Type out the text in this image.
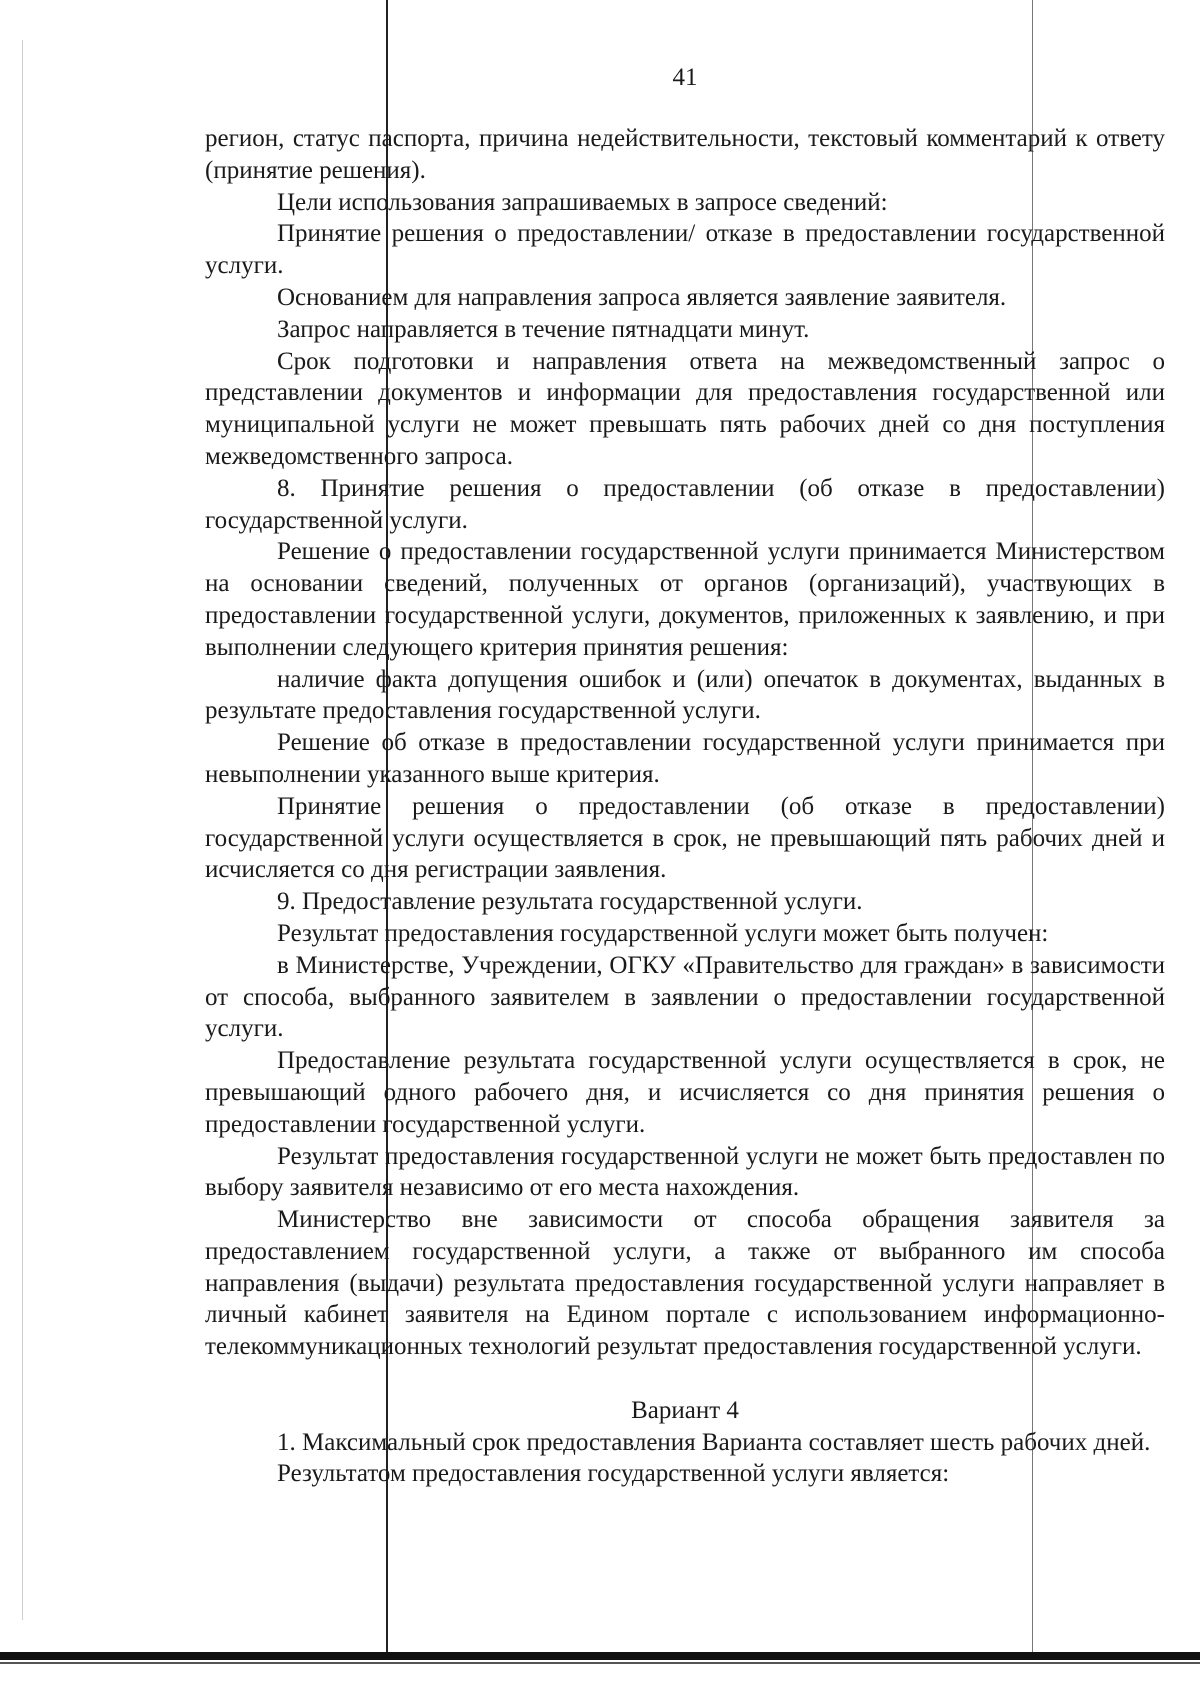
41

регион, статус паспорта, причина недействительности, текстовый комментарий к ответу (принятие решения).

Цели использования запрашиваемых в запросе сведений:

Принятие решения о предоставлении/ отказе в предоставлении государственной услуги.

Основанием для направления запроса является заявление заявителя.

Запрос направляется в течение пятнадцати минут.

Срок подготовки и направления ответа на межведомственный запрос о представлении документов и информации для предоставления государственной или муниципальной услуги не может превышать пять рабочих дней со дня поступления межведомственного запроса.

8. Принятие решения о предоставлении (об отказе в предоставлении) государственной услуги.

Решение о предоставлении государственной услуги принимается Министерством на основании сведений, полученных от органов (организаций), участвующих в предоставлении государственной услуги, документов, приложенных к заявлению, и при выполнении следующего критерия принятия решения:

наличие факта допущения ошибок и (или) опечаток в документах, выданных в результате предоставления государственной услуги.

Решение об отказе в предоставлении государственной услуги принимается при невыполнении указанного выше критерия.

Принятие решения о предоставлении (об отказе в предоставлении) государственной услуги осуществляется в срок, не превышающий пять рабочих дней и исчисляется со дня регистрации заявления.

9. Предоставление результата государственной услуги.

Результат предоставления государственной услуги может быть получен:

в Министерстве, Учреждении, ОГКУ «Правительство для граждан» в зависимости от способа, выбранного заявителем в заявлении о предоставлении государственной услуги.

Предоставление результата государственной услуги осуществляется в срок, не превышающий одного рабочего дня, и исчисляется со дня принятия решения о предоставлении государственной услуги.

Результат предоставления государственной услуги не может быть предоставлен по выбору заявителя независимо от его места нахождения.

Министерство вне зависимости от способа обращения заявителя за предоставлением государственной услуги, а также от выбранного им способа направления (выдачи) результата предоставления государственной услуги направляет в личный кабинет заявителя на Едином портале с использованием информационно-телекоммуникационных технологий результат предоставления государственной услуги.

Вариант 4

1. Максимальный срок предоставления Варианта составляет шесть рабочих дней.

Результатом предоставления государственной услуги является:
